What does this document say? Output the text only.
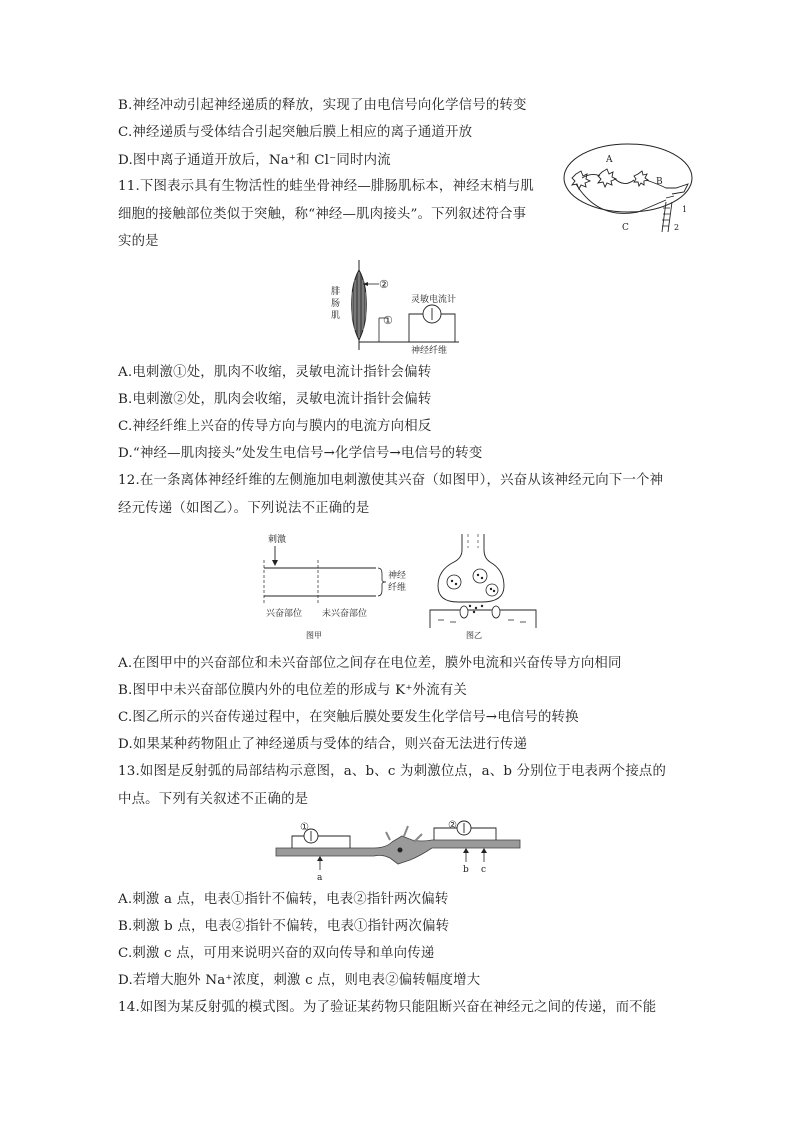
B.神经冲动引起神经递质的释放，实现了由电信号向化学信号的转变
C.神经递质与受体结合引起突触后膜上相应的离子通道开放
D.图中离子通道开放后，Na⁺和 Cl⁻同时内流	A
B
C
1
2
11.下图表示具有生物活性的蛙坐骨神经—腓肠肌标本，神经末梢与肌
细胞的接触部位类似于突触，称“神经—肌肉接头”。下列叙述符合事
实的是
②
①
灵敏电流计
神经纤维
腓
肠
肌
A.电刺激①处，肌肉不收缩，灵敏电流计指针会偏转
B.电刺激②处，肌肉会收缩，灵敏电流计指针会偏转
C.神经纤维上兴奋的传导方向与膜内的电流方向相反
D.“神经—肌肉接头”处发生电信号→化学信号→电信号的转变
12.在一条离体神经纤维的左侧施加电刺激使其兴奋（如图甲），兴奋从该神经元向下一个神
经元传递（如图乙）。下列说法不正确的是
刺激
神经
纤维
兴奋部位 未兴奋部位
图甲	图乙
A.在图甲中的兴奋部位和未兴奋部位之间存在电位差，膜外电流和兴奋传导方向相同
B.图甲中未兴奋部位膜内外的电位差的形成与 K⁺外流有关
C.图乙所示的兴奋传递过程中，在突触后膜处要发生化学信号→电信号的转换
D.如果某种药物阻止了神经递质与受体的结合，则兴奋无法进行传递
13.如图是反射弧的局部结构示意图，a、b、c 为刺激位点，a、b 分别位于电表两个接点的
中点。下列有关叙述不正确的是
①	②
a
b c
A.刺激 a 点，电表①指针不偏转，电表②指针两次偏转
B.刺激 b 点，电表②指针不偏转，电表①指针两次偏转
C.刺激 c 点，可用来说明兴奋的双向传导和单向传递
D.若增大胞外 Na⁺浓度，刺激 c 点，则电表②偏转幅度增大
14.如图为某反射弧的模式图。为了验证某药物只能阻断兴奋在神经元之间的传递，而不能
